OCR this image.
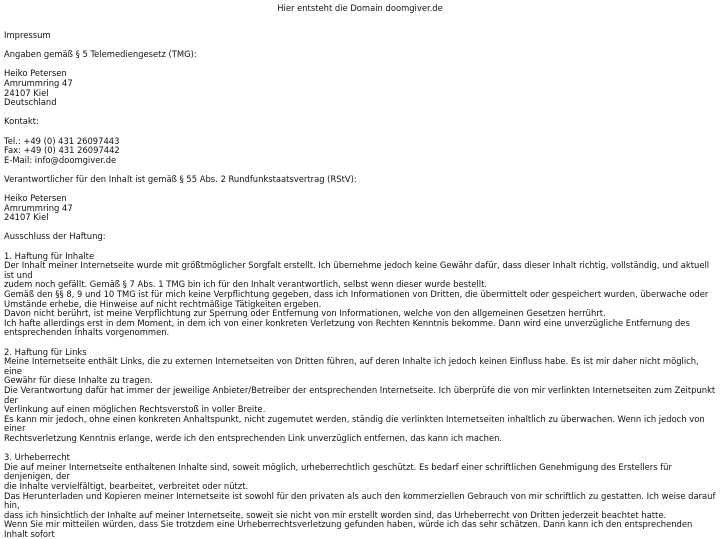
Hier entsteht die Domain doomgiver.de

Impressum

Angaben gemäß § 5 Telemediengesetz (TMG):

Heiko Petersen
Amrummring 47
24107 Kiel
Deutschland

Kontakt:

Tel.: +49 (0) 431 26097443
Fax: +49 (0) 431 26097442
E-Mail: info@doomgiver.de

Verantwortlicher für den Inhalt ist gemäß § 55 Abs. 2 Rundfunkstaatsvertrag (RStV):

Heiko Petersen
Amrummring 47
24107 Kiel

Ausschluss der Haftung:

1. Haftung für Inhalte
Der Inhalt meiner Internetseite wurde mit größtmöglicher Sorgfalt erstellt. Ich übernehme jedoch keine Gewähr dafür, dass dieser Inhalt richtig, vollständig, und aktuell ist und
zudem noch gefällt. Gemäß § 7 Abs. 1 TMG bin ich für den Inhalt verantwortlich, selbst wenn dieser wurde bestellt.
Gemäß den §§ 8, 9 und 10 TMG ist für mich keine Verpflichtung gegeben, dass ich Informationen von Dritten, die übermittelt oder gespeichert wurden, überwache oder
Umstände erhebe, die Hinweise auf nicht rechtmäßige Tätigkeiten ergeben.
Davon nicht berührt, ist meine Verpflichtung zur Sperrung oder Entfernung von Informationen, welche von den allgemeinen Gesetzen herrührt.
Ich hafte allerdings erst in dem Moment, in dem ich von einer konkreten Verletzung von Rechten Kenntnis bekomme. Dann wird eine unverzügliche Entfernung des
entsprechenden Inhalts vorgenommen.

2. Haftung für Links
Meine Internetseite enthält Links, die zu externen Internetseiten von Dritten führen, auf deren Inhalte ich jedoch keinen Einfluss habe. Es ist mir daher nicht möglich, eine
Gewähr für diese Inhalte zu tragen.
Die Verantwortung dafür hat immer der jeweilige Anbieter/Betreiber der entsprechenden Internetseite. Ich überprüfe die von mir verlinkten Internetseiten zum Zeitpunkt der
Verlinkung auf einen möglichen Rechtsverstoß in voller Breite.
Es kann mir jedoch, ohne einen konkreten Anhaltspunkt, nicht zugemutet werden, ständig die verlinkten Internetseiten inhaltlich zu überwachen. Wenn ich jedoch von einer
Rechtsverletzung Kenntnis erlange, werde ich den entsprechenden Link unverzüglich entfernen, das kann ich machen.

3. Urheberrecht
Die auf meiner Internetseite enthaltenen Inhalte sind, soweit möglich, urheberrechtlich geschützt. Es bedarf einer schriftlichen Genehmigung des Erstellers für denjenigen, der
die Inhalte vervielfältigt, bearbeitet, verbreitet oder nützt.
Das Herunterladen und Kopieren meiner Internetseite ist sowohl für den privaten als auch den kommerziellen Gebrauch von mir schriftlich zu gestatten. Ich weise darauf hin,
dass ich hinsichtlich der Inhalte auf meiner Internetseite, soweit sie nicht von mir erstellt worden sind, das Urheberrecht von Dritten jederzeit beachtet hatte.
Wenn Sie mir mitteilen würden, dass Sie trotzdem eine Urheberrechtsverletzung gefunden haben, würde ich das sehr schätzen. Dann kann ich den entsprechenden Inhalt sofort
